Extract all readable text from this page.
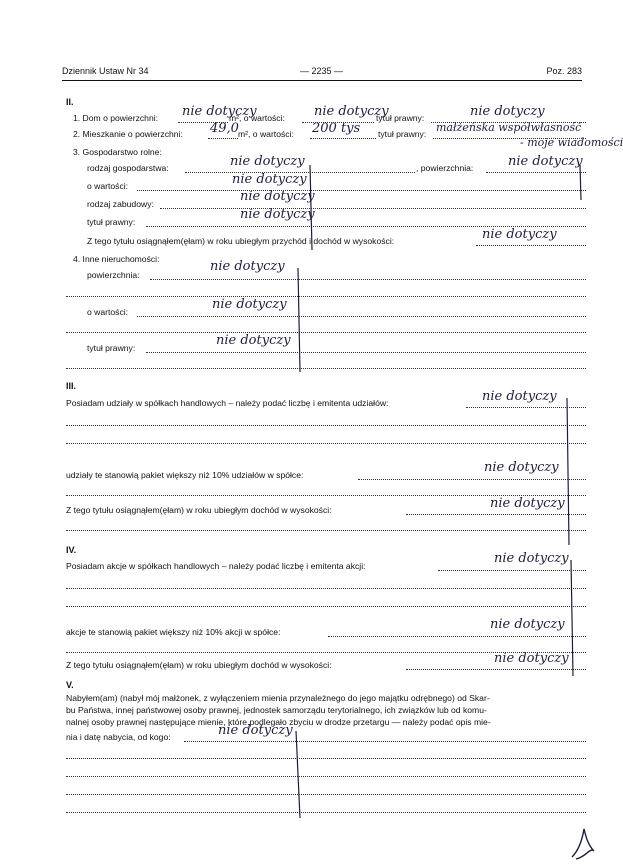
Dziennik Ustaw Nr 34	— 2235 —	Poz. 283
II.
1. Dom o powierzchni:	m², o wartości:	tytuł prawny:
nie dotyczy	nie dotyczy	nie dotyczy
2. Mieszkanie o powierzchni:	m², o wartości:	tytuł prawny:
49,0	200 tys	małżeńska współwłasność
- moje wiadomości
3. Gospodarstwo rolne:
rodzaj gospodarstwa:	, powierzchnia:
nie dotyczy	nie dotyczy
o wartości:	nie dotyczy
rodzaj zabudowy:	nie dotyczy
tytuł prawny:	nie dotyczy
Z tego tytułu osiągnąłem(ęłam) w roku ubiegłym przychód i dochód w wysokości:	nie dotyczy
4. Inne nieruchomości:
powierzchnia:
nie dotyczy
o wartości:	nie dotyczy
tytuł prawny:	nie dotyczy
III.
Posiadam udziały w spółkach handlowych – należy podać liczbę i emitenta udziałów:	nie dotyczy
udziały te stanowią pakiet większy niż 10% udziałów w spółce:	nie dotyczy
Z tego tytułu osiągnąłem(ęłam) w roku ubiegłym dochód w wysokości:	nie dotyczy
IV.
Posiadam akcje w spółkach handlowych – należy podać liczbę i emitenta akcji:	nie dotyczy
akcje te stanowią pakiet większy niż 10% akcji w spółce:	nie dotyczy
Z tego tytułu osiągnąłem(ęłam) w roku ubiegłym dochód w wysokości:	nie dotyczy
V.
Nabyłem(am) (nabył mój małżonek, z wyłączeniem mienia przynależnego do jego majątku odrębnego) od Skar-
bu Państwa, innej państwowej osoby prawnej, jednostek samorządu terytorialnego, ich związków lub od komu-
nalnej osoby prawnej następujące mienie, które podlegało zbyciu w drodze przetargu — należy podać opis mie-
nia i datę nabycia, od kogo:	nie dotyczy
